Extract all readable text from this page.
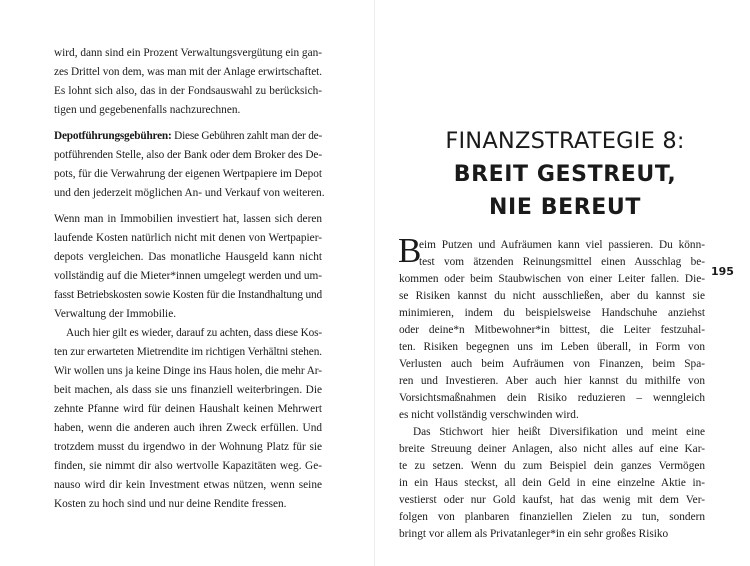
wird, dann sind ein Prozent Verwaltungsvergütung ein gan-
zes Drittel von dem, was man mit der Anlage erwirtschaftet.
Es lohnt sich also, das in der Fondsauswahl zu berücksich-
tigen und gegebenenfalls nachzurechnen.
Depotführungsgebühren: Diese Gebühren zahlt man der de-
potführenden Stelle, also der Bank oder dem Broker des De-
pots, für die Verwahrung der eigenen Wertpapiere im Depot
und den jederzeit möglichen An- und Verkauf von weiteren.
Wenn man in Immobilien investiert hat, lassen sich deren
laufende Kosten natürlich nicht mit denen von Wertpapier-
depots vergleichen. Das monatliche Hausgeld kann nicht
vollständig auf die Mieter*innen umgelegt werden und um-
fasst Betriebskosten sowie Kosten für die Instandhaltung und
Verwaltung der Immobilie.
Auch hier gilt es wieder, darauf zu achten, dass diese Kos-
ten zur erwarteten Mietrendite im richtigen Verhältni stehen.
Wir wollen uns ja keine Dinge ins Haus holen, die mehr Ar-
beit machen, als dass sie uns finanziell weiterbringen. Die
zehnte Pfanne wird für deinen Haushalt keinen Mehrwert
haben, wenn die anderen auch ihren Zweck erfüllen. Und
trotzdem musst du irgendwo in der Wohnung Platz für sie
finden, sie nimmt dir also wertvolle Kapazitäten weg. Ge-
nauso wird dir kein Investment etwas nützen, wenn seine
Kosten zu hoch sind und nur deine Rendite fressen.
FINANZSTRATEGIE 8:
BREIT GESTREUT,
NIE BEREUT
B
eim Putzen und Aufräumen kann viel passieren. Du könn-
test vom ätzenden Reinungsmittel einen Ausschlag be-
kommen oder beim Staubwischen von einer Leiter fallen. Die-
se Risiken kannst du nicht ausschließen, aber du kannst sie
minimieren, indem du beispielsweise Handschuhe anziehst
oder deine*n Mitbewohner*in bittest, die Leiter festzuhal-
ten. Risiken begegnen uns im Leben überall, in Form von
Verlusten auch beim Aufräumen von Finanzen, beim Spa-
ren und Investieren. Aber auch hier kannst du mithilfe von
Vorsichtsmaßnahmen dein Risiko reduzieren – wenngleich
es nicht vollständig verschwinden wird.
Das Stichwort hier heißt Diversifikation und meint eine
breite Streuung deiner Anlagen, also nicht alles auf eine Kar-
te zu setzen. Wenn du zum Beispiel dein ganzes Vermögen
in ein Haus steckst, all dein Geld in eine einzelne Aktie in-
vestierst oder nur Gold kaufst, hat das wenig mit dem Ver-
folgen von planbaren finanziellen Zielen zu tun, sondern
bringt vor allem als Privatanleger*in ein sehr großes Risiko
195
